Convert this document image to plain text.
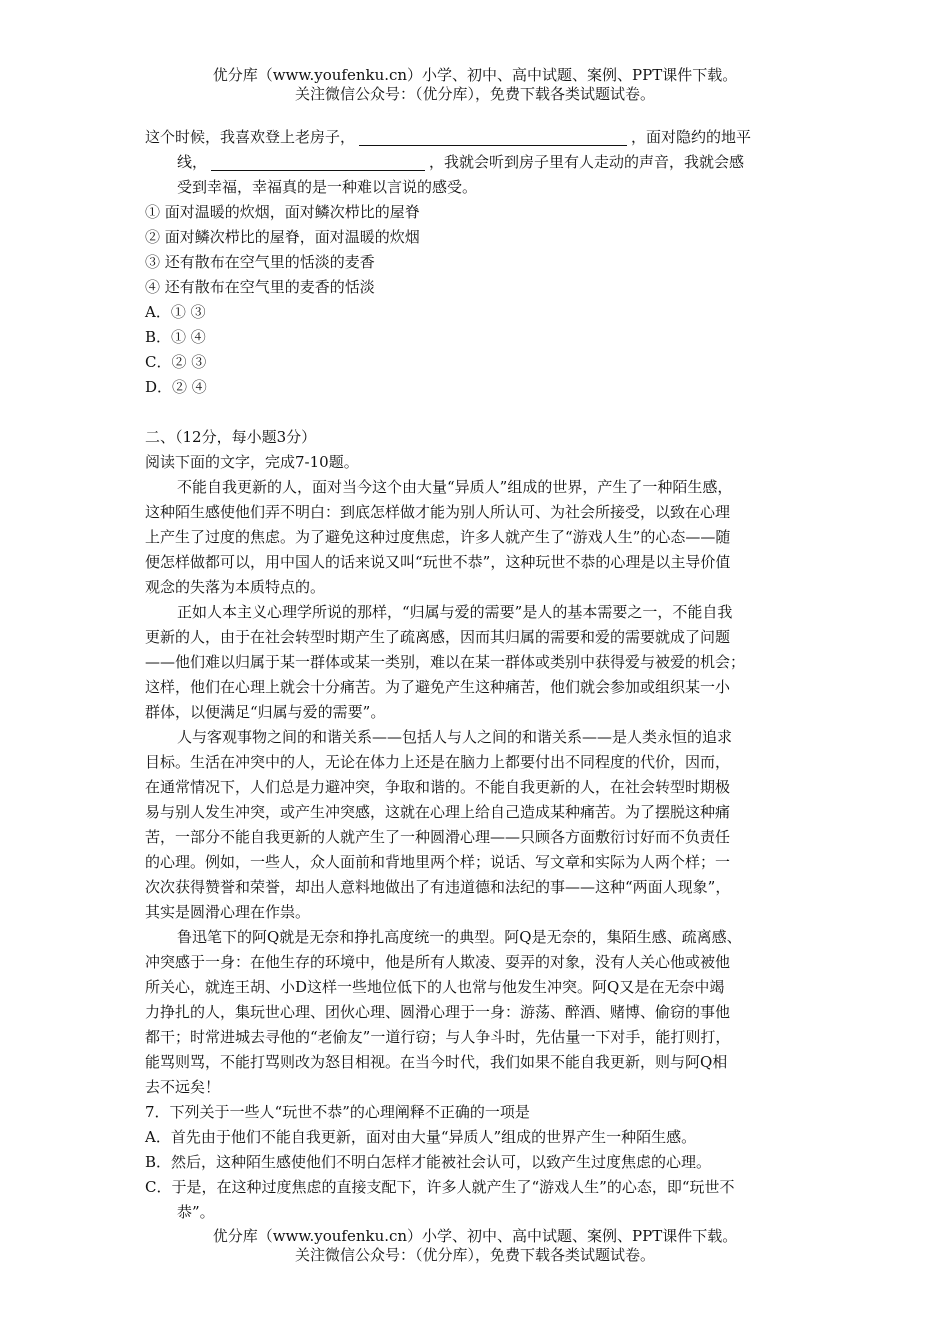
优分库（www.youfenku.cn）小学、初中、高中试题、案例、PPT课件下载。
关注微信公众号：（优分库），免费下载各类试题试卷。
这个时候，我喜欢登上老房子，	，面对隐约的地平
线，	，我就会听到房子里有人走动的声音，我就会感
受到幸福，幸福真的是一种难以言说的感受。
① 面对温暖的炊烟，面对鳞次栉比的屋脊
② 面对鳞次栉比的屋脊，面对温暖的炊烟
③ 还有散布在空气里的恬淡的麦香
④ 还有散布在空气里的麦香的恬淡
A．① ③
B．① ④
C．② ③
D．② ④
二、（12分，每小题3分）
阅读下面的文字，完成7-10题。
不能自我更新的人，面对当今这个由大量“异质人”组成的世界，产生了一种陌生感，
这种陌生感使他们弄不明白：到底怎样做才能为别人所认可、为社会所接受，以致在心理
上产生了过度的焦虑。为了避免这种过度焦虑，许多人就产生了“游戏人生”的心态——随
便怎样做都可以，用中国人的话来说又叫“玩世不恭”，这种玩世不恭的心理是以主导价值
观念的失落为本质特点的。
正如人本主义心理学所说的那样，“归属与爱的需要”是人的基本需要之一，不能自我
更新的人，由于在社会转型时期产生了疏离感，因而其归属的需要和爱的需要就成了问题
——他们难以归属于某一群体或某一类别，难以在某一群体或类别中获得爱与被爱的机会；
这样，他们在心理上就会十分痛苦。为了避免产生这种痛苦，他们就会参加或组织某一小
群体，以便满足“归属与爱的需要”。
人与客观事物之间的和谐关系——包括人与人之间的和谐关系——是人类永恒的追求
目标。生活在冲突中的人，无论在体力上还是在脑力上都要付出不同程度的代价，因而，
在通常情况下，人们总是力避冲突，争取和谐的。不能自我更新的人，在社会转型时期极
易与别人发生冲突，或产生冲突感，这就在心理上给自己造成某种痛苦。为了摆脱这种痛
苦，一部分不能自我更新的人就产生了一种圆滑心理——只顾各方面敷衍讨好而不负责任
的心理。例如，一些人，众人面前和背地里两个样；说话、写文章和实际为人两个样；一
次次获得赞誉和荣誉，却出人意料地做出了有违道德和法纪的事——这种“两面人现象”，
其实是圆滑心理在作祟。
鲁迅笔下的阿Q就是无奈和挣扎高度统一的典型。阿Q是无奈的，集陌生感、疏离感、
冲突感于一身：在他生存的环境中，他是所有人欺凌、耍弄的对象，没有人关心他或被他
所关心，就连王胡、小D这样一些地位低下的人也常与他发生冲突。阿Q又是在无奈中竭
力挣扎的人，集玩世心理、团伙心理、圆滑心理于一身：游荡、醉酒、赌博、偷窃的事他
都干；时常进城去寻他的“老偷友”一道行窃；与人争斗时，先估量一下对手，能打则打，
能骂则骂，不能打骂则改为怒目相视。在当今时代，我们如果不能自我更新，则与阿Q相
去不远矣！
7．下列关于一些人“玩世不恭”的心理阐释不正确的一项是
A．首先由于他们不能自我更新，面对由大量“异质人”组成的世界产生一种陌生感。
B．然后，这种陌生感使他们不明白怎样才能被社会认可，以致产生过度焦虑的心理。
C．于是，在这种过度焦虑的直接支配下，许多人就产生了“游戏人生”的心态，即“玩世不
恭”。
优分库（www.youfenku.cn）小学、初中、高中试题、案例、PPT课件下载。
关注微信公众号：（优分库），免费下载各类试题试卷。
